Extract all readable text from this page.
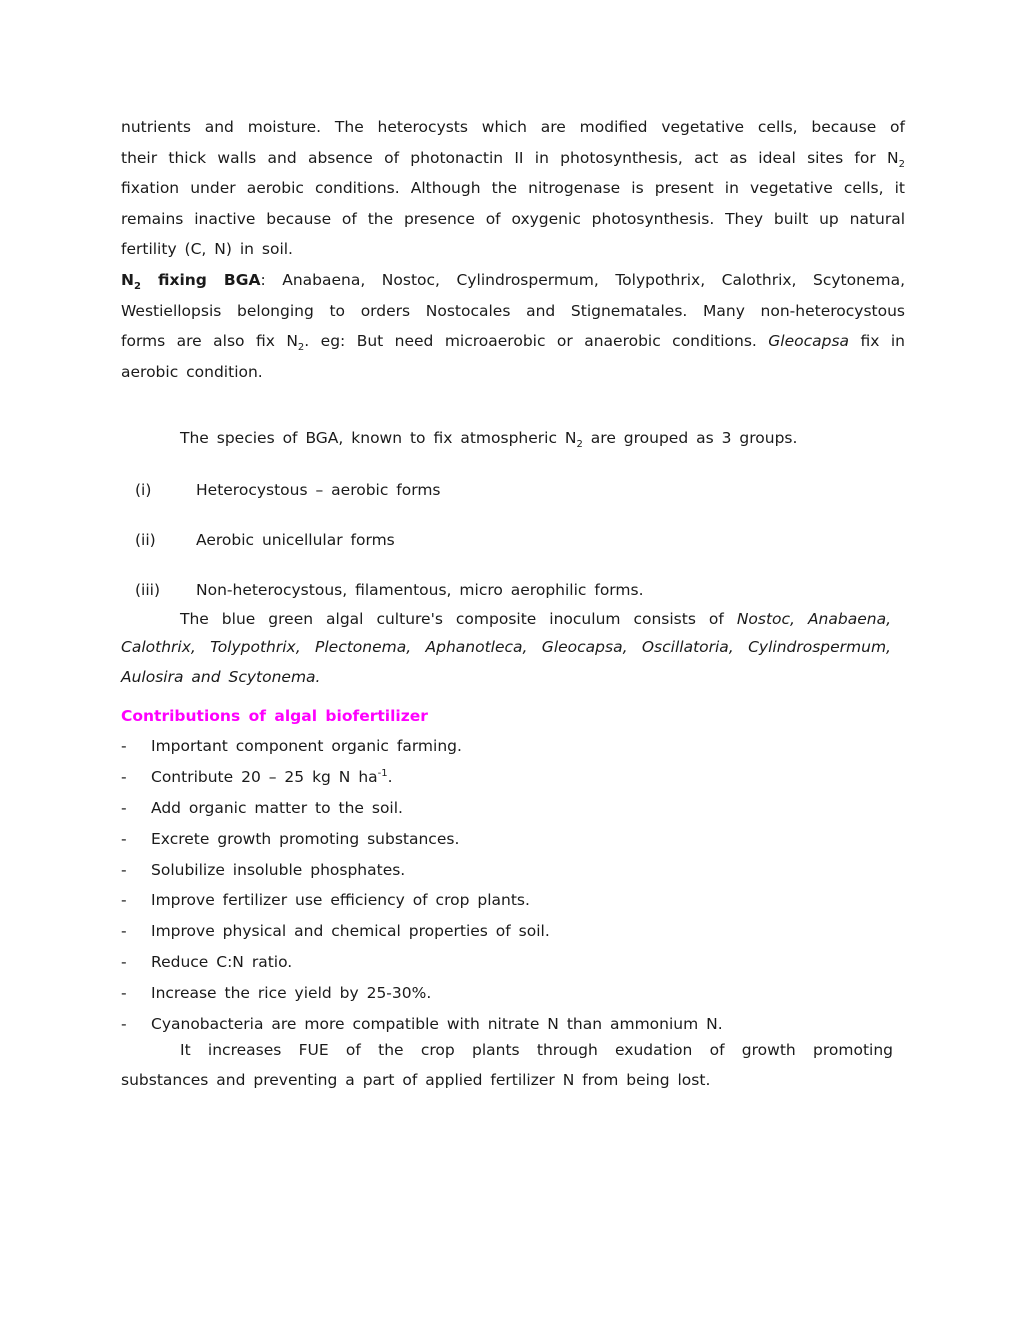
nutrients and moisture. The heterocysts which are modified vegetative cells, because of
their thick walls and absence of photonactin II in photosynthesis, act as ideal sites for $N_2$
fixation under aerobic conditions. Although the nitrogenase is present in vegetative cells, it
remains inactive because of the presence of oxygenic photosynthesis. They built up natural
fertility (C, N) in soil.
$N_2$ fixing BGA: Anabaena, Nostoc, Cylindrospermum, Tolypothrix, Calothrix, Scytonema,
Westiellopsis belonging to orders Nostocales and Stignematales. Many non-heterocystous
forms are also fix $N_2$. eg: But need microaerobic or anaerobic conditions. Gleocapsa fix in
aerobic condition.
The species of BGA, known to fix atmospheric $N_2$ are grouped as 3 groups.
(i)	Heterocystous – aerobic forms
(ii)	Aerobic unicellular forms
(iii)	Non-heterocystous, filamentous, micro aerophilic forms.
The blue green algal culture's composite inoculum consists of Nostoc, Anabaena,
Calothrix, Tolypothrix, Plectonema, Aphanotleca, Gleocapsa, Oscillatoria, Cylindrospermum,
Aulosira and Scytonema.
Contributions of algal biofertilizer
-	Important component organic farming.
-	Contribute 20 – 25 kg N $ha^{-1}$.
-	Add organic matter to the soil.
-	Excrete growth promoting substances.
-	Solubilize insoluble phosphates.
-	Improve fertilizer use efficiency of crop plants.
-	Improve physical and chemical properties of soil.
-	Reduce C:N ratio.
-	Increase the rice yield by 25-30%.
-	Cyanobacteria are more compatible with nitrate N than ammonium N.
It increases FUE of the crop plants through exudation of growth promoting
substances and preventing a part of applied fertilizer N from being lost.
